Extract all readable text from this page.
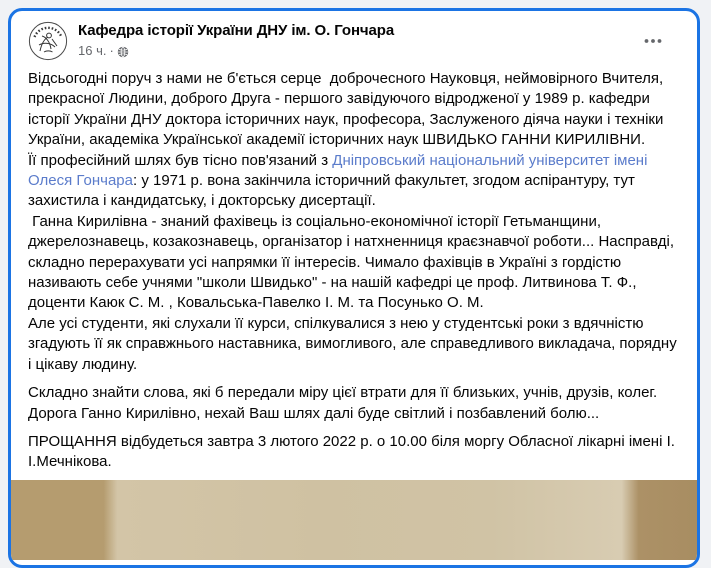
Кафедра історії України ДНУ ім. О. Гончара
16 ч. ·

Відсьогодні поруч з нами не б'ється серце  доброчесного Науковця, неймовірного Вчителя, прекрасної Людини, доброго Друга - першого завідуючого відродженої у 1989 р. кафедри історії України ДНУ доктора історичних наук, професора, Заслуженого діяча науки і техніки України, академіка Української академії історичних наук ШВИДЬКО ГАННИ КИРИЛІВНИ.

Її професійний шлях був тісно пов'язаний з Дніпровський національний університет імені Олеся Гончара: у 1971 р. вона закінчила історичний факультет, згодом аспірантуру, тут захистила і кандидатську, і докторську дисертації.

Ганна Кирилівна - знаний фахівець із соціально-економічної історії Гетьманщини, джерелознавець, козакознавець, організатор і натхненниця краєзнавчої роботи... Насправді, складно перерахувати усі напрямки її інтересів. Чимало фахівців в Україні з гордістю називають себе учнями "школи Швидько" - на нашій кафедрі це проф. Литвинова Т. Ф., доценти Каюк С. М. , Ковальська-Павелко І. М. та Посунько О. М.

Але усі студенти, які слухали її курси, спілкувалися з нею у студентські роки з вдячністю згадують її як справжнього наставника, вимогливого, але справедливого викладача, порядну і цікаву людину.

Складно знайти слова, які б передали міру цієї втрати для її близьких, учнів, друзів, колег. Дорога Ганно Кирилівно, нехай Ваш шлях далі буде світлий і позбавлений болю...

ПРОЩАННЯ відбудеться завтра 3 лютого 2022 р. о 10.00 біля моргу Обласної лікарні імені І. І.Мечнікова.
